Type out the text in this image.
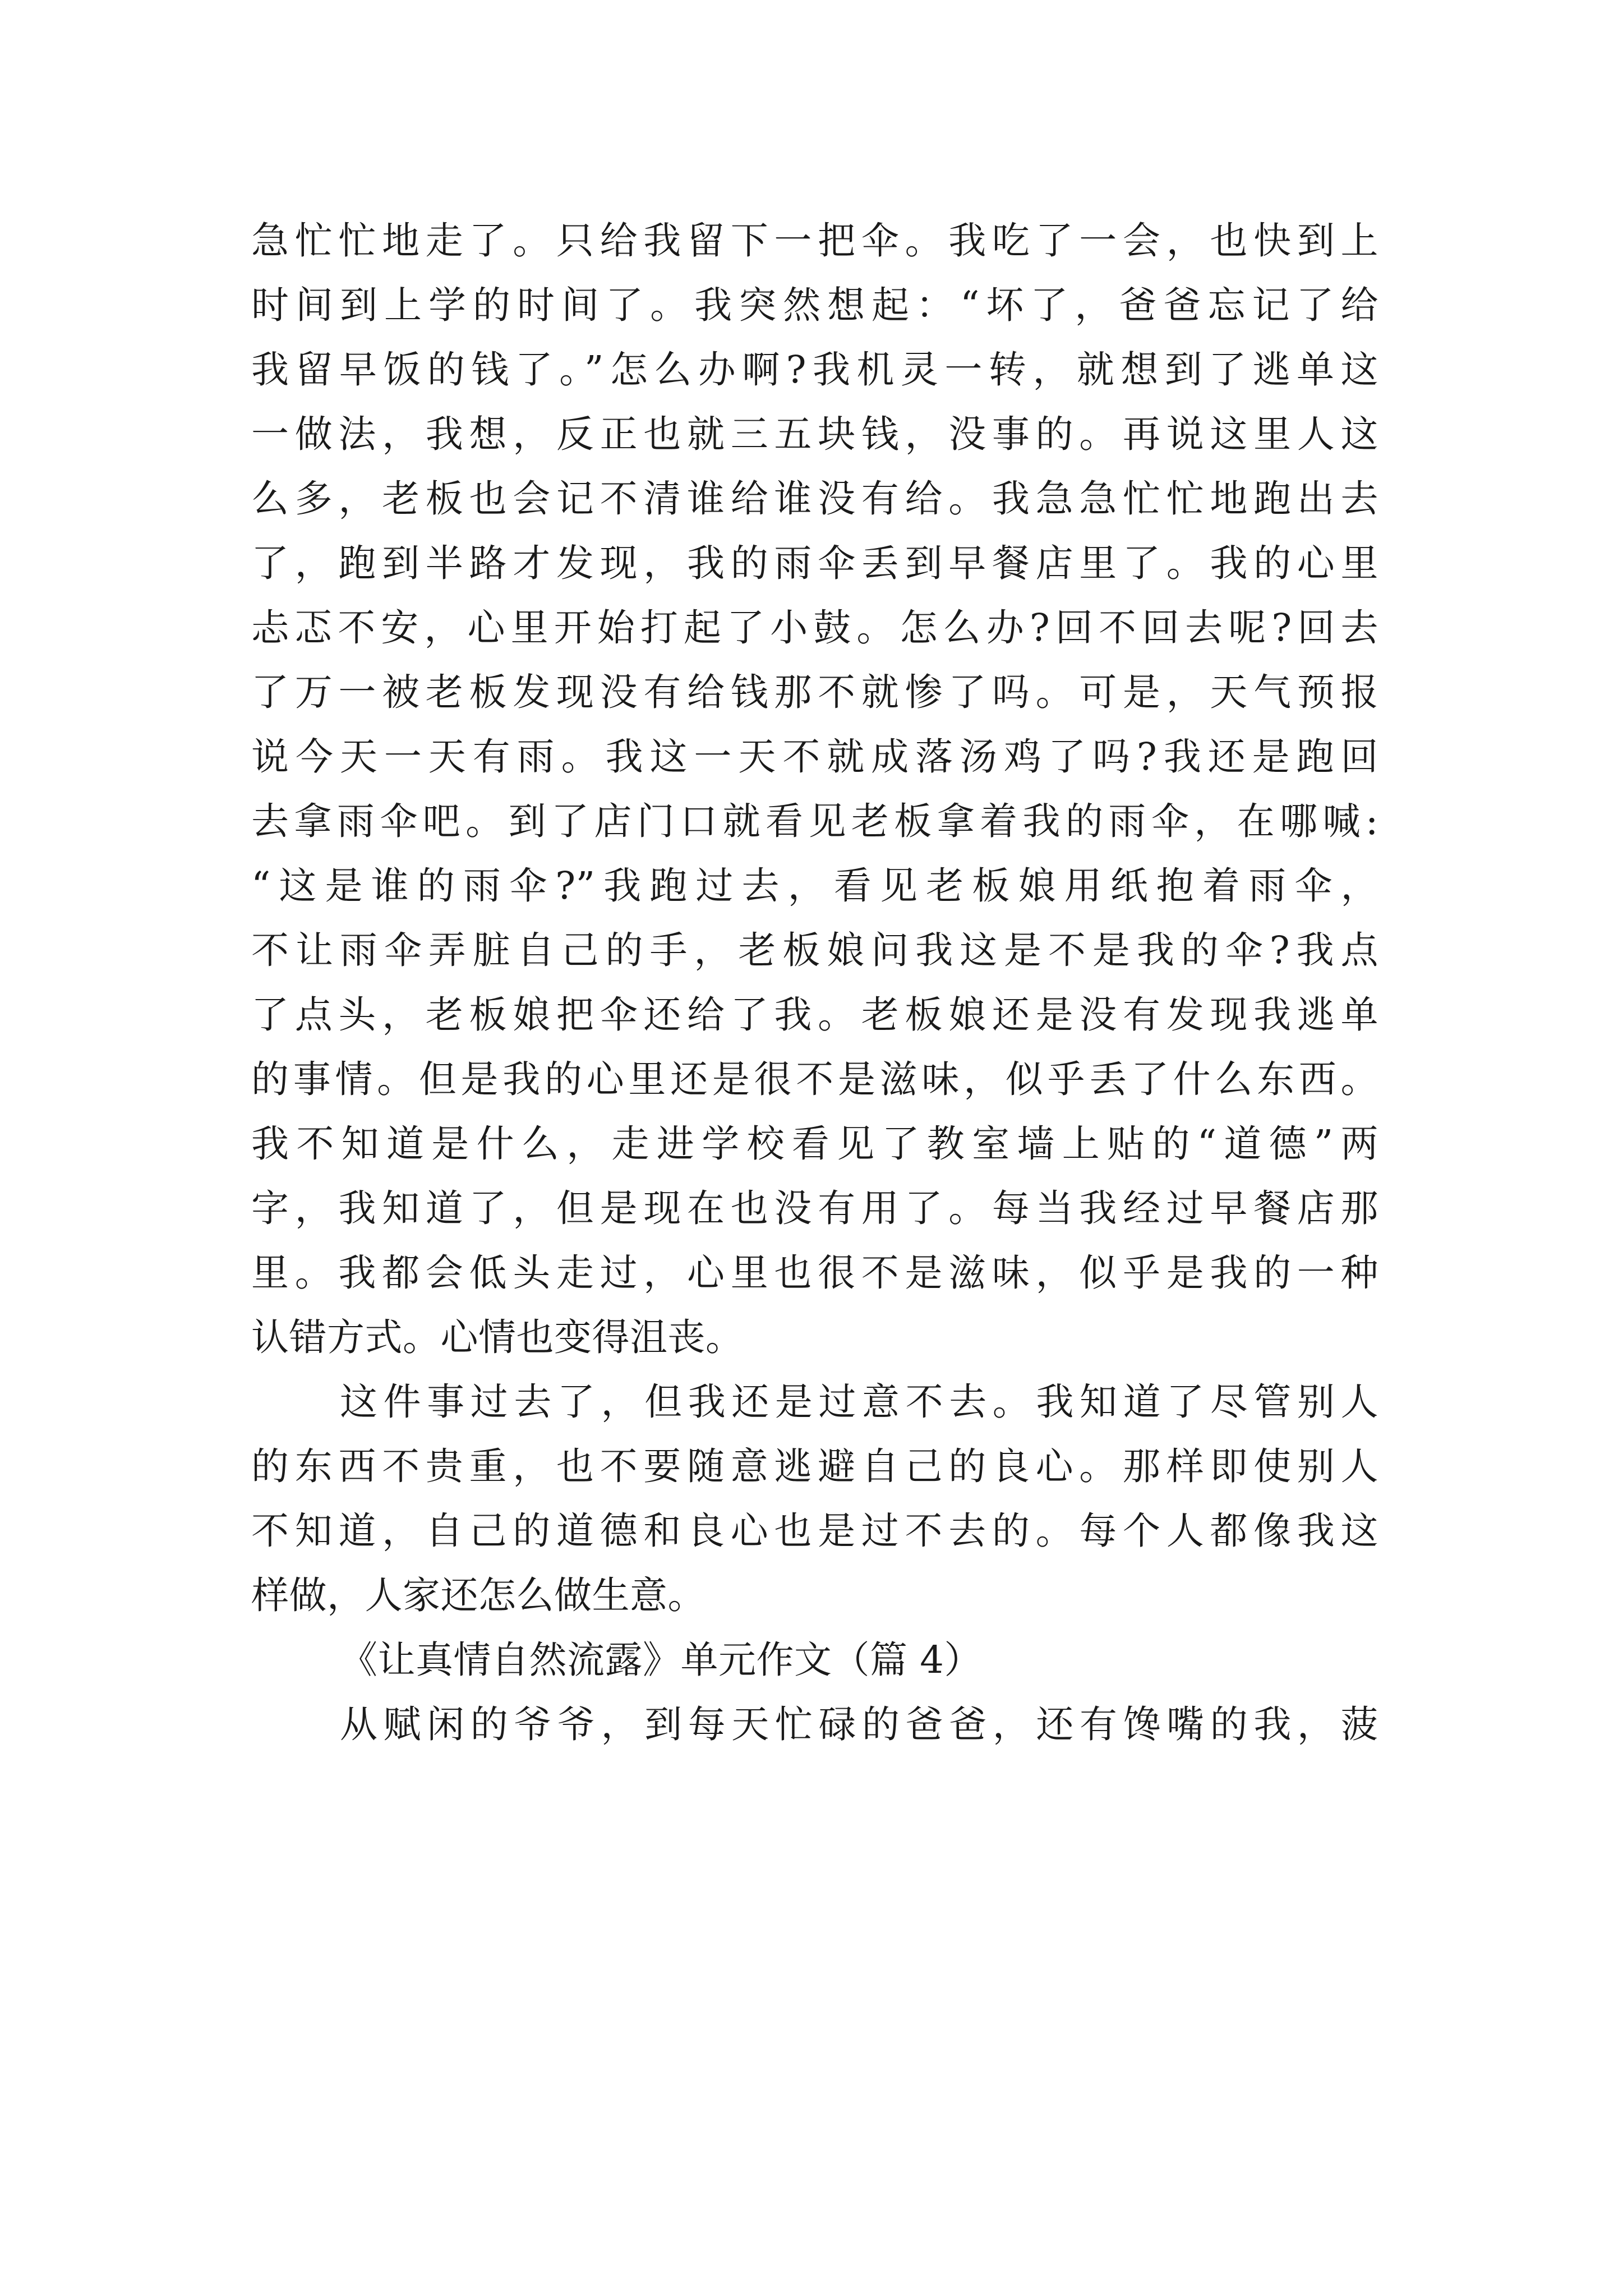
急忙忙地走了。只给我留下一把伞。我吃了一会，也快到上
时间到上学的时间了。我突然想起：“坏了，爸爸忘记了给
我留早饭的钱了。”怎么办啊?我机灵一转，就想到了逃单这
一做法，我想，反正也就三五块钱，没事的。再说这里人这
么多，老板也会记不清谁给谁没有给。我急急忙忙地跑出去
了，跑到半路才发现，我的雨伞丢到早餐店里了。我的心里
忐忑不安，心里开始打起了小鼓。怎么办?回不回去呢?回去
了万一被老板发现没有给钱那不就惨了吗。可是，天气预报
说今天一天有雨。我这一天不就成落汤鸡了吗?我还是跑回
去拿雨伞吧。到了店门口就看见老板拿着我的雨伞，在哪喊:
“这是谁的雨伞?”我跑过去，看见老板娘用纸抱着雨伞，
不让雨伞弄脏自己的手，老板娘问我这是不是我的伞?我点
了点头，老板娘把伞还给了我。老板娘还是没有发现我逃单
的事情。但是我的心里还是很不是滋味，似乎丢了什么东西。
我不知道是什么，走进学校看见了教室墙上贴的“道德”两
字，我知道了，但是现在也没有用了。每当我经过早餐店那
里。我都会低头走过，心里也很不是滋味，似乎是我的一种
认错方式。心情也变得沮丧。
这件事过去了，但我还是过意不去。我知道了尽管别人
的东西不贵重，也不要随意逃避自己的良心。那样即使别人
不知道，自己的道德和良心也是过不去的。每个人都像我这
样做，人家还怎么做生意。
《让真情自然流露》单元作文（篇 4）
从赋闲的爷爷，到每天忙碌的爸爸，还有馋嘴的我，菠
